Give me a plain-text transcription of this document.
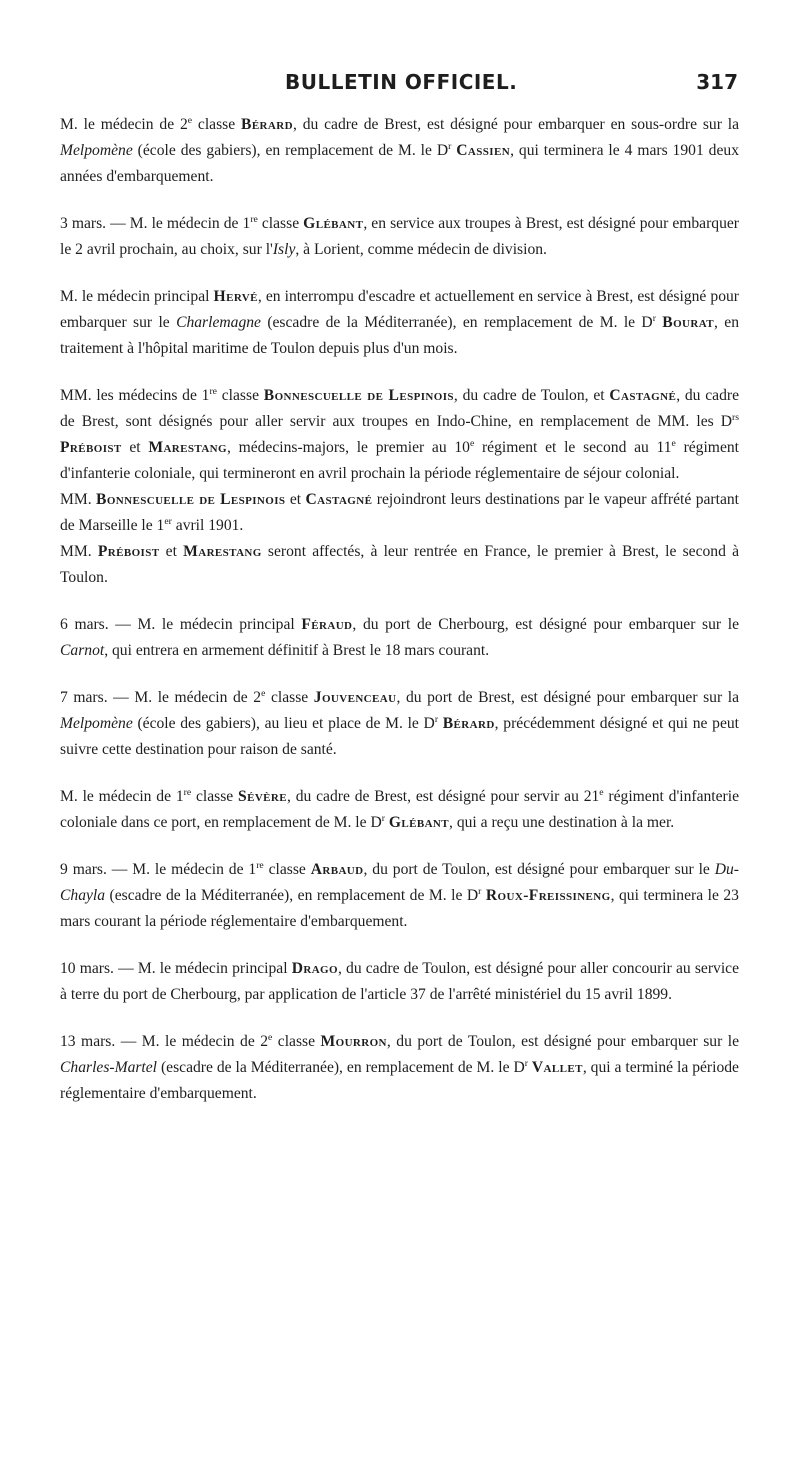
BULLETIN OFFICIEL.	317

M. le médecin de 2e classe Bérard, du cadre de Brest, est désigné pour embarquer en sous-ordre sur la Melpomène (école des gabiers), en remplacement de M. le $D^r$ Cassien, qui terminera le 4 mars 1901 deux années d'embarquement.

3 mars. — M. le médecin de 1re classe Glébant, en service aux troupes à Brest, est désigné pour embarquer le 2 avril prochain, au choix, sur l'Isly, à Lorient, comme médecin de division.

M. le médecin principal Hervé, en interrompu d'escadre et actuellement en service à Brest, est désigné pour embarquer sur le Charlemagne (escadre de la Méditerranée), en remplacement de M. le $D^r$ Bourat, en traitement à l'hôpital maritime de Toulon depuis plus d'un mois.

MM. les médecins de 1re classe Bonnescuelle de Lespinois, du cadre de Toulon, et Castagné, du cadre de Brest, sont désignés pour aller servir aux troupes en Indo-Chine, en remplacement de MM. les $D^{rs}$ Préboist et Marestang, médecins-majors, le premier au 10e régiment et le second au 11e régiment d'infanterie coloniale, qui termineront en avril prochain la période réglementaire de séjour colonial.

MM. Bonnescuelle de Lespinois et Castagné rejoindront leurs destinations par le vapeur affrété partant de Marseille le 1er avril 1901.

MM. Préboist et Marestang seront affectés, à leur rentrée en France, le premier à Brest, le second à Toulon.

6 mars. — M. le médecin principal Féraud, du port de Cherbourg, est désigné pour embarquer sur le Carnot, qui entrera en armement définitif à Brest le 18 mars courant.

7 mars. — M. le médecin de 2e classe Jouvenceau, du port de Brest, est désigné pour embarquer sur la Melpomène (école des gabiers), au lieu et place de M. le $D^r$ Bérard, précédemment désigné et qui ne peut suivre cette destination pour raison de santé.

M. le médecin de 1re classe Sévère, du cadre de Brest, est désigné pour servir au 21e régiment d'infanterie coloniale dans ce port, en remplacement de M. le $D^r$ Glébant, qui a reçu une destination à la mer.

9 mars. — M. le médecin de 1re classe Arbaud, du port de Toulon, est désigné pour embarquer sur le Du-Chayla (escadre de la Méditerranée), en remplacement de M. le $D^r$ Roux-Freissineng, qui terminera le 23 mars courant la période réglementaire d'embarquement.

10 mars. — M. le médecin principal Drago, du cadre de Toulon, est désigné pour aller concourir au service à terre du port de Cherbourg, par application de l'article 37 de l'arrêté ministériel du 15 avril 1899.

13 mars. — M. le médecin de 2e classe Mourron, du port de Toulon, est désigné pour embarquer sur le Charles-Martel (escadre de la Méditerranée), en remplacement de M. le $D^r$ Vallet, qui a terminé la période réglementaire d'embarquement.
